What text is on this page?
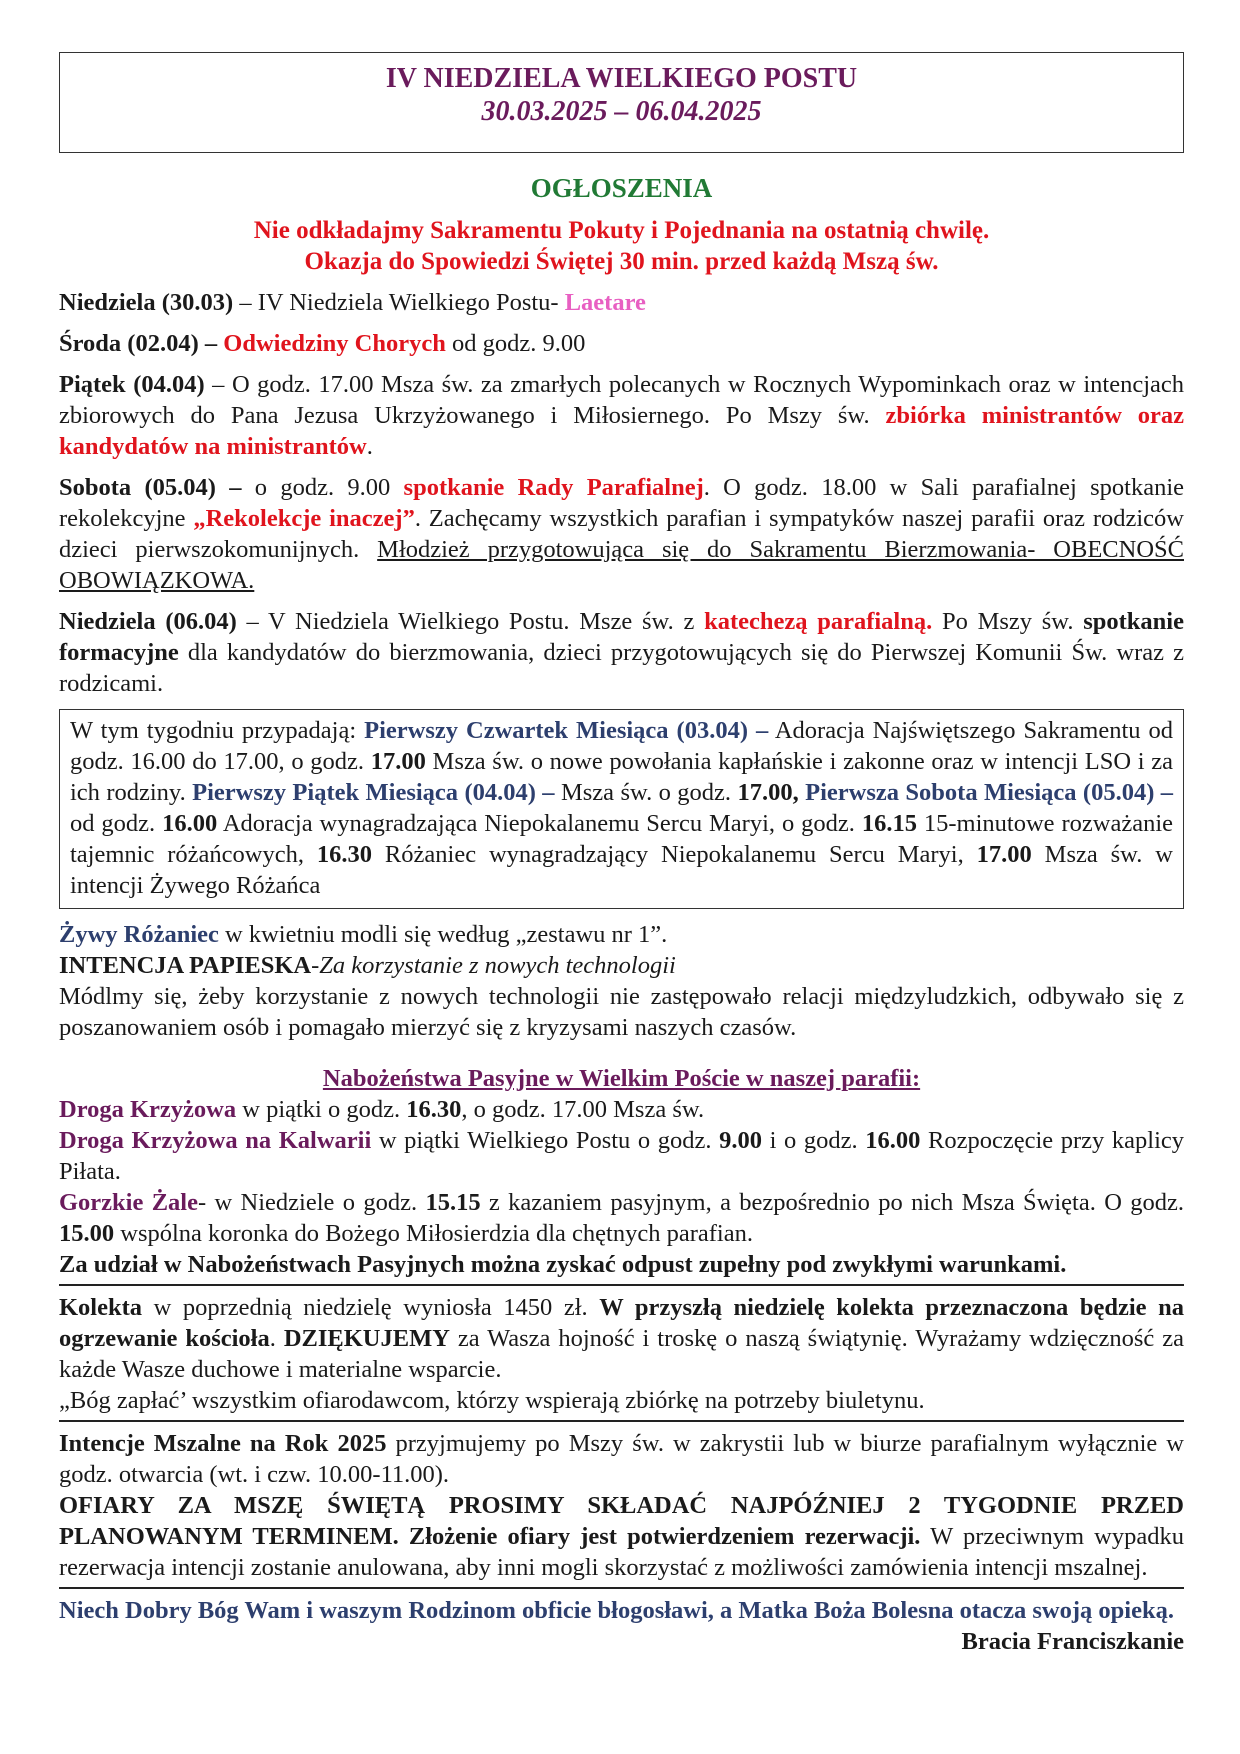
IV NIEDZIELA WIELKIEGO POSTU
30.03.2025 – 06.04.2025
OGŁOSZENIA
Nie odkładajmy Sakramentu Pokuty i Pojednania na ostatnią chwilę.
Okazja do Spowiedzi Świętej 30 min. przed każdą Mszą św.

Niedziela (30.03) – IV Niedziela Wielkiego Postu- Laetare

Środa (02.04) – Odwiedziny Chorych od godz. 9.00

Piątek (04.04) – O godz. 17.00 Msza św. za zmarłych polecanych w Rocznych Wypominkach oraz w intencjach zbiorowych do Pana Jezusa Ukrzyżowanego i Miłosiernego. Po Mszy św. zbiórka ministrantów oraz kandydatów na ministrantów.

Sobota (05.04) – o godz. 9.00 spotkanie Rady Parafialnej. O godz. 18.00 w Sali parafialnej spotkanie rekolekcyjne „Rekolekcje inaczej”. Zachęcamy wszystkich parafian i sympatyków naszej parafii oraz rodziców dzieci pierwszokomunijnych. Młodzież przygotowująca się do Sakramentu Bierzmowania- OBECNOŚĆ OBOWIĄZKOWA.

Niedziela (06.04) – V Niedziela Wielkiego Postu. Msze św. z katechezą parafialną. Po Mszy św. spotkanie formacyjne dla kandydatów do bierzmowania, dzieci przygotowujących się do Pierwszej Komunii Św. wraz z rodzicami.

W tym tygodniu przypadają: Pierwszy Czwartek Miesiąca (03.04) – Adoracja Najświętszego Sakramentu od godz. 16.00 do 17.00, o godz. 17.00 Msza św. o nowe powołania kapłańskie i zakonne oraz w intencji LSO i za ich rodziny. Pierwszy Piątek Miesiąca (04.04) – Msza św. o godz. 17.00, Pierwsza Sobota Miesiąca (05.04) – od godz. 16.00 Adoracja wynagradzająca Niepokalanemu Sercu Maryi, o godz. 16.15 15-minutowe rozważanie tajemnic różańcowych, 16.30 Różaniec wynagradzający Niepokalanemu Sercu Maryi, 17.00 Msza św. w intencji Żywego Różańca

Żywy Różaniec w kwietniu modli się według „zestawu nr 1”.

INTENCJA PAPIESKA-Za korzystanie z nowych technologii

Módlmy się, żeby korzystanie z nowych technologii nie zastępowało relacji międzyludzkich, odbywało się z poszanowaniem osób i pomagało mierzyć się z kryzysami naszych czasów.

Nabożeństwa Pasyjne w Wielkim Poście w naszej parafii:

Droga Krzyżowa w piątki o godz. 16.30, o godz. 17.00 Msza św.

Droga Krzyżowa na Kalwarii w piątki Wielkiego Postu o godz. 9.00 i o godz. 16.00 Rozpoczęcie przy kaplicy Piłata.

Gorzkie Żale- w Niedziele o godz. 15.15 z kazaniem pasyjnym, a bezpośrednio po nich Msza Święta. O godz. 15.00 wspólna koronka do Bożego Miłosierdzia dla chętnych parafian.

Za udział w Nabożeństwach Pasyjnych można zyskać odpust zupełny pod zwykłymi warunkami.

Kolekta w poprzednią niedzielę wyniosła 1450 zł. W przyszłą niedzielę kolekta przeznaczona będzie na ogrzewanie kościoła. DZIĘKUJEMY za Wasza hojność i troskę o naszą świątynię. Wyrażamy wdzięczność za każde Wasze duchowe i materialne wsparcie.

„Bóg zapłać’ wszystkim ofiarodawcom, którzy wspierają zbiórkę na potrzeby biuletynu.

Intencje Mszalne na Rok 2025 przyjmujemy po Mszy św. w zakrystii lub w biurze parafialnym wyłącznie w godz. otwarcia (wt. i czw. 10.00-11.00).

OFIARY ZA MSZĘ ŚWIĘTĄ PROSIMY SKŁADAĆ NAJPÓŹNIEJ 2 TYGODNIE PRZED PLANOWANYM TERMINEM. Złożenie ofiary jest potwierdzeniem rezerwacji. W przeciwnym wypadku rezerwacja intencji zostanie anulowana, aby inni mogli skorzystać z możliwości zamówienia intencji mszalnej.

Niech Dobry Bóg Wam i waszym Rodzinom obficie błogosławi, a Matka Boża Bolesna otacza swoją opieką.
Bracia Franciszkanie
